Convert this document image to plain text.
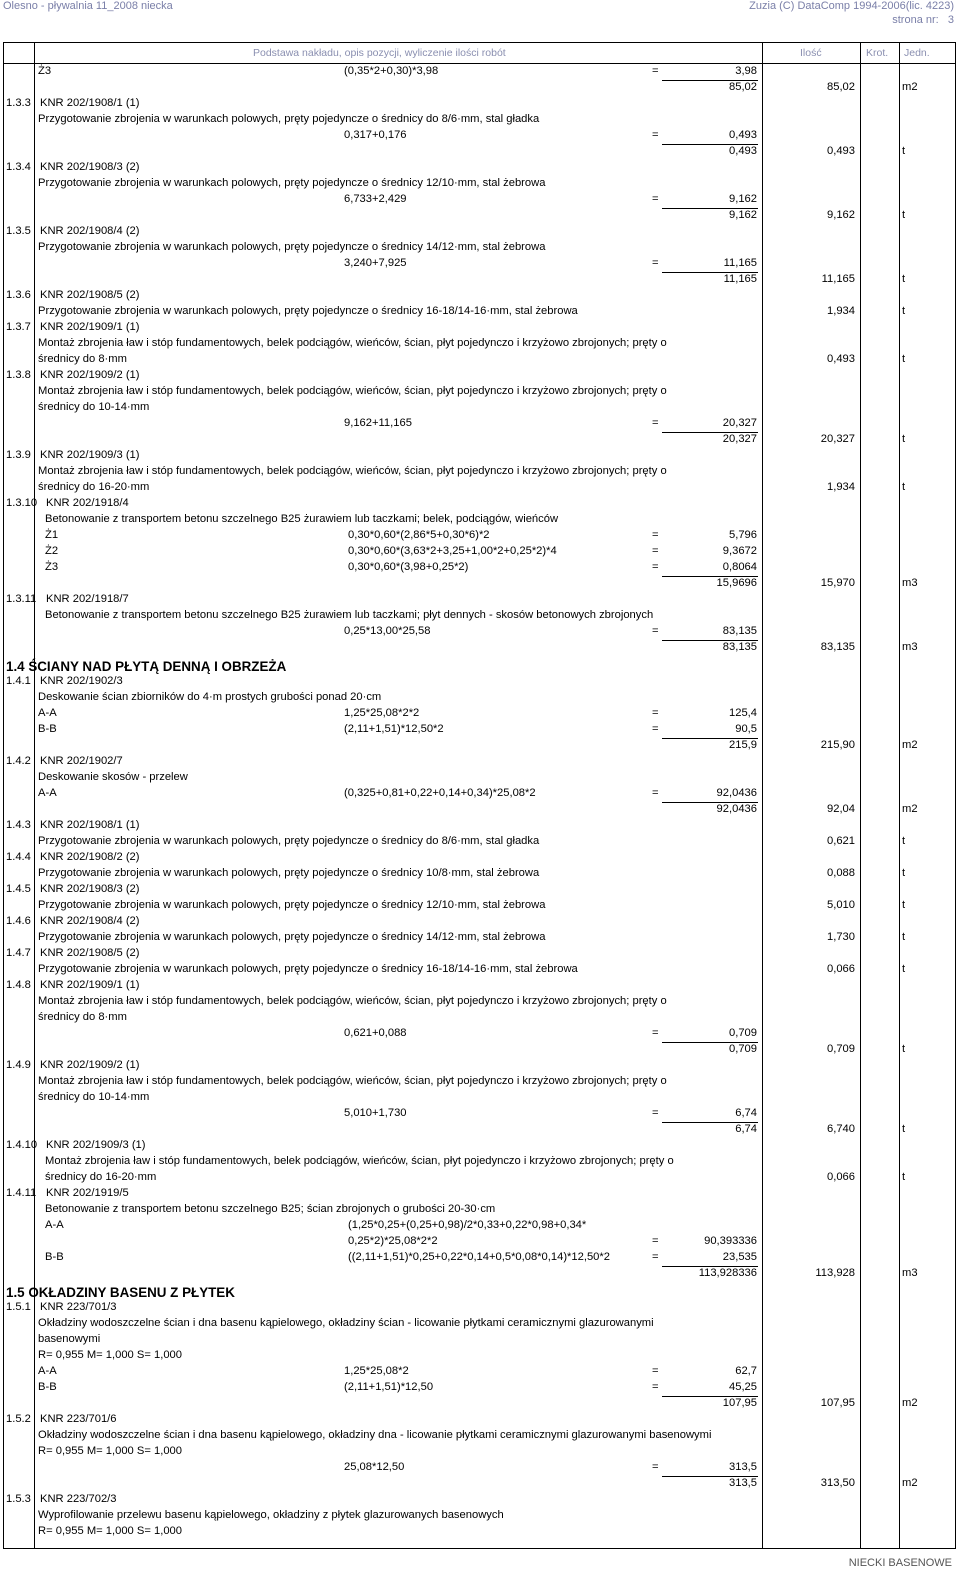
Olesno - pływalnia 11_2008 niecka	Zuzia (C) DataComp 1994-2006(lic. 4223)
strona nr: 3
Podstawa nakładu, opis pozycji, wyliczenie ilości robót	Ilość	Krot. Jedn.
Ż3	(0,35*2+0,30)*3,98	=	3,98
85,02	85,02	m2
1.3.3 KNR 202/1908/1 (1)
Przygotowanie zbrojenia w warunkach polowych, pręty pojedyncze o średnicy do 8/6·mm, stal gładka
0,317+0,176	=	0,493
0,493	0,493	t
1.3.4 KNR 202/1908/3 (2)
Przygotowanie zbrojenia w warunkach polowych, pręty pojedyncze o średnicy 12/10·mm, stal żebrowa
6,733+2,429	=	9,162
9,162	9,162	t
1.3.5 KNR 202/1908/4 (2)
Przygotowanie zbrojenia w warunkach polowych, pręty pojedyncze o średnicy 14/12·mm, stal żebrowa
3,240+7,925	=	11,165
11,165	11,165	t
1.3.6 KNR 202/1908/5 (2)
Przygotowanie zbrojenia w warunkach polowych, pręty pojedyncze o średnicy 16-18/14-16·mm, stal żebrowa	1,934	t
1.3.7 KNR 202/1909/1 (1)
Montaż zbrojenia ław i stóp fundamentowych, belek podciągów, wieńców, ścian, płyt pojedynczo i krzyżowo zbrojonych; pręty o
średnicy do 8·mm	0,493	t
1.3.8 KNR 202/1909/2 (1)
Montaż zbrojenia ław i stóp fundamentowych, belek podciągów, wieńców, ścian, płyt pojedynczo i krzyżowo zbrojonych; pręty o
średnicy do 10-14·mm
9,162+11,165	=	20,327
20,327	20,327	t
1.3.9 KNR 202/1909/3 (1)
Montaż zbrojenia ław i stóp fundamentowych, belek podciągów, wieńców, ścian, płyt pojedynczo i krzyżowo zbrojonych; pręty o
średnicy do 16-20·mm	1,934	t
1.3.10 KNR 202/1918/4
Betonowanie z transportem betonu szczelnego B25 żurawiem lub taczkami; belek, podciągów, wieńców
Ż1	0,30*0,60*(2,86*5+0,30*6)*2	=	5,796
Ż2	0,30*0,60*(3,63*2+3,25+1,00*2+0,25*2)*4	=	9,3672
Ż3	0,30*0,60*(3,98+0,25*2)	=	0,8064
15,9696	15,970	m3
1.3.11 KNR 202/1918/7
Betonowanie z transportem betonu szczelnego B25 żurawiem lub taczkami; płyt dennych - skosów betonowych zbrojonych
0,25*13,00*25,58	=	83,135
83,135	83,135	m3
1.4 ŚCIANY NAD PŁYTĄ DENNĄ I OBRZEŻA
1.4.1 KNR 202/1902/3
Deskowanie ścian zbiorników do 4·m prostych grubości ponad 20·cm
A-A	1,25*25,08*2*2	=	125,4
B-B	(2,11+1,51)*12,50*2	=	90,5
215,9	215,90	m2
1.4.2 KNR 202/1902/7
Deskowanie skosów - przelew
A-A	(0,325+0,81+0,22+0,14+0,34)*25,08*2	=	92,0436
92,0436	92,04	m2
1.4.3 KNR 202/1908/1 (1)
Przygotowanie zbrojenia w warunkach polowych, pręty pojedyncze o średnicy do 8/6·mm, stal gładka	0,621	t
1.4.4 KNR 202/1908/2 (2)
Przygotowanie zbrojenia w warunkach polowych, pręty pojedyncze o średnicy 10/8·mm, stal żebrowa	0,088	t
1.4.5 KNR 202/1908/3 (2)
Przygotowanie zbrojenia w warunkach polowych, pręty pojedyncze o średnicy 12/10·mm, stal żebrowa	5,010	t
1.4.6 KNR 202/1908/4 (2)
Przygotowanie zbrojenia w warunkach polowych, pręty pojedyncze o średnicy 14/12·mm, stal żebrowa	1,730	t
1.4.7 KNR 202/1908/5 (2)
Przygotowanie zbrojenia w warunkach polowych, pręty pojedyncze o średnicy 16-18/14-16·mm, stal żebrowa	0,066	t
1.4.8 KNR 202/1909/1 (1)
Montaż zbrojenia ław i stóp fundamentowych, belek podciągów, wieńców, ścian, płyt pojedynczo i krzyżowo zbrojonych; pręty o
średnicy do 8·mm
0,621+0,088	=	0,709
0,709	0,709	t
1.4.9 KNR 202/1909/2 (1)
Montaż zbrojenia ław i stóp fundamentowych, belek podciągów, wieńców, ścian, płyt pojedynczo i krzyżowo zbrojonych; pręty o
średnicy do 10-14·mm
5,010+1,730	=	6,74
6,74	6,740	t
1.4.10 KNR 202/1909/3 (1)
Montaż zbrojenia ław i stóp fundamentowych, belek podciągów, wieńców, ścian, płyt pojedynczo i krzyżowo zbrojonych; pręty o
średnicy do 16-20·mm	0,066	t
1.4.11 KNR 202/1919/5
Betonowanie z transportem betonu szczelnego B25; ścian zbrojonych o grubości 20-30·cm
A-A	(1,25*0,25+(0,25+0,98)/2*0,33+0,22*0,98+0,34*
0,25*2)*25,08*2*2	=	90,393336
B-B	((2,11+1,51)*0,25+0,22*0,14+0,5*0,08*0,14)*12,50*2	=	23,535
113,928336	113,928	m3
1.5 OKŁADZINY BASENU Z PŁYTEK
1.5.1 KNR 223/701/3
Okładziny wodoszczelne ścian i dna basenu kąpielowego, okładziny ścian - licowanie płytkami ceramicznymi glazurowanymi
basenowymi
R= 0,955 M= 1,000 S= 1,000
A-A	1,25*25,08*2	=	62,7
B-B	(2,11+1,51)*12,50	=	45,25
107,95	107,95	m2
1.5.2 KNR 223/701/6
Okładziny wodoszczelne ścian i dna basenu kąpielowego, okładziny dna - licowanie płytkami ceramicznymi glazurowanymi basenowymi
R= 0,955 M= 1,000 S= 1,000
25,08*12,50	=	313,5
313,5	313,50	m2
1.5.3 KNR 223/702/3
Wyprofilowanie przelewu basenu kąpielowego, okładziny z płytek glazurowanych basenowych
R= 0,955 M= 1,000 S= 1,000
NIECKI BASENOWE
